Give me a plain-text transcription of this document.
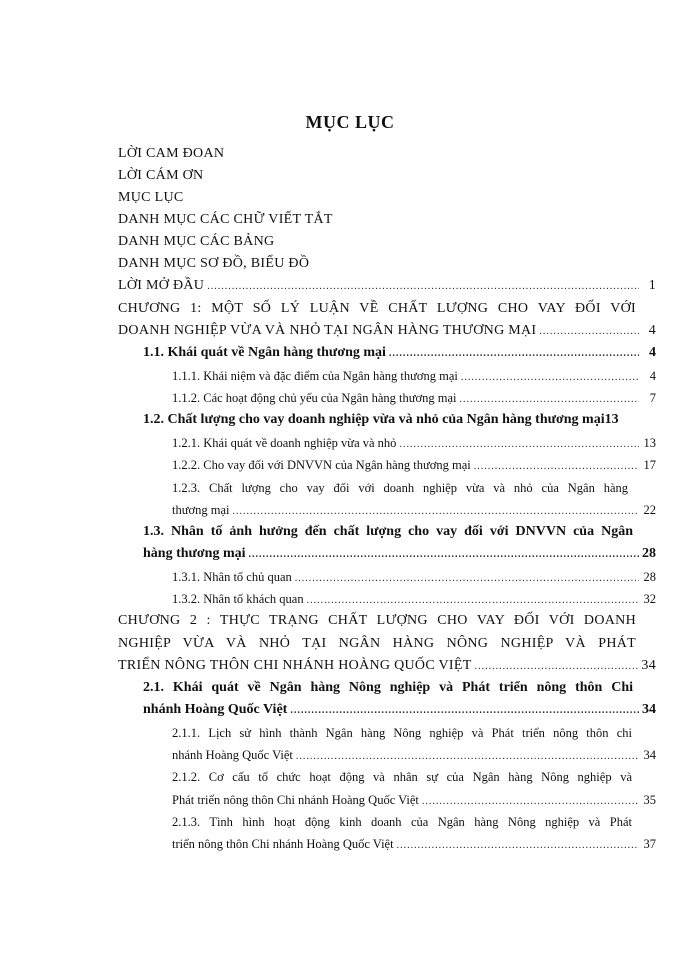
MỤC LỤC
LỜI CAM ĐOAN
LỜI CÁM ƠN
MỤC LỤC
DANH MỤC CÁC CHỮ VIẾT TẮT
DANH MỤC CÁC BẢNG
DANH MỤC SƠ ĐỒ, BIỂU ĐỒ
LỜI MỞ ĐẦU .....	1
CHƯƠNG 1: MỘT SỐ LÝ LUẬN VỀ CHẤT LƯỢNG CHO VAY ĐỐI VỚI
DOANH NGHIỆP VỪA VÀ NHỎ TẠI NGÂN HÀNG THƯƠNG MẠI .....	4
1.1. Khái quát về Ngân hàng thương mại .....	4
1.1.1. Khái niệm và đặc điểm của Ngân hàng thương mại .....	4
1.1.2. Các hoạt động chủ yếu của Ngân hàng thương mại .....	7
1.2. Chất lượng cho vay doanh nghiệp vừa và nhỏ của Ngân hàng thương mại 13
1.2.1. Khái quát về doanh nghiệp vừa và nhỏ .....	13
1.2.2. Cho vay đối với DNVVN của Ngân hàng thương mại .....	17
1.2.3. Chất lượng cho vay đối với doanh nghiệp vừa và nhỏ của Ngân hàng
thương mại .....	22
1.3. Nhân tố ảnh hưởng đến chất lượng cho vay đối với DNVVN của Ngân
hàng thương mại .....	28
1.3.1. Nhân tố chủ quan .....	28
1.3.2. Nhân tố khách quan .....	32
CHƯƠNG 2 : THỰC TRẠNG CHẤT LƯỢNG CHO VAY ĐỐI VỚI DOANH
NGHIỆP VỪA VÀ NHỎ TẠI NGÂN HÀNG NÔNG NGHIỆP VÀ PHÁT
TRIỂN NÔNG THÔN CHI NHÁNH HOÀNG QUỐC VIỆT .....	34
2.1. Khái quát về Ngân hàng Nông nghiệp và Phát triển nông thôn Chi
nhánh Hoàng Quốc Việt .....	34
2.1.1. Lịch sử hình thành Ngân hàng Nông nghiệp và Phát triển nông thôn chi
nhánh Hoàng Quốc Việt .....	34
2.1.2. Cơ cấu tổ chức hoạt động và nhân sự của Ngân hàng Nông nghiệp và
Phát triển nông thôn Chi nhánh Hoàng Quốc Việt .....	35
2.1.3. Tình hình hoạt động kinh doanh của Ngân hàng Nông nghiệp và Phát
triển nông thôn Chi nhánh Hoàng Quốc Việt .....	37
